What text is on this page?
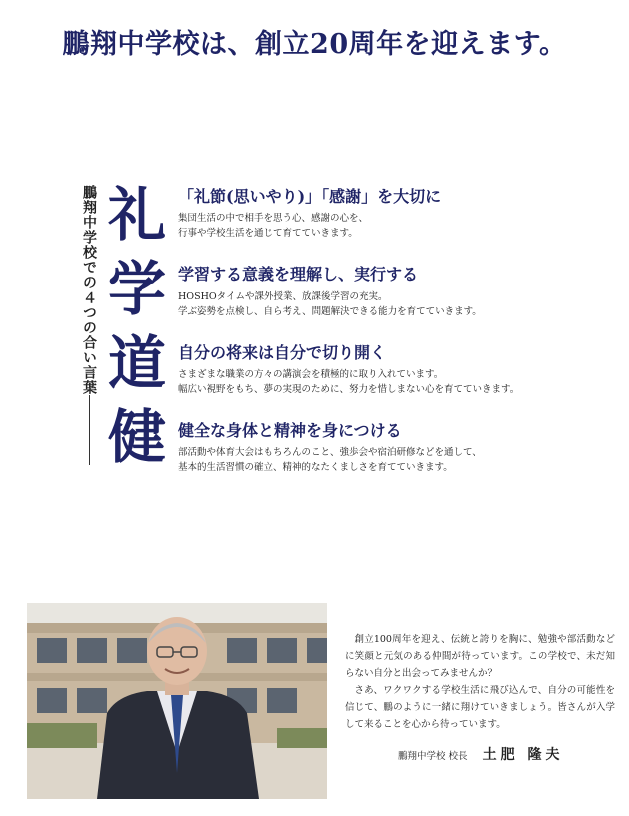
鵬翔中学校は、創立20周年を迎えます。
鵬翔中学校での４つの合い言葉 礼
学
道
健
「礼節(思いやり)」「感謝」を大切に
集団生活の中で相手を思う心、感謝の心を、
行事や学校生活を通じて育てていきます。
学習する意義を理解し、実行する
HOSHOタイムや課外授業、放課後学習の充実。
学ぶ姿勢を点検し、自ら考え、問題解決できる能力を育てていきます。
自分の将来は自分で切り開く
さまざまな職業の方々の講演会を積極的に取り入れています。
幅広い視野をもち、夢の実現のために、努力を惜しまない心を育てていきます。
健全な身体と精神を身につける
部活動や体育大会はもちろんのこと、強歩会や宿泊研修などを通して、
基本的生活習慣の確立、精神的なたくましさを育てていきます。

創立100周年を迎え、伝統と誇りを胸に、勉強や部活動などに笑顔と元気のある仲間が待っています。この学校で、未だ知らない自分と出会ってみませんか？

さあ、ワクワクする学校生活に飛び込んで、自分の可能性を信じて、鵬のように一緒に翔けていきましょう。皆さんが入学して来ることを心から待っています。

鵬翔中学校 校長 土肥 隆夫
